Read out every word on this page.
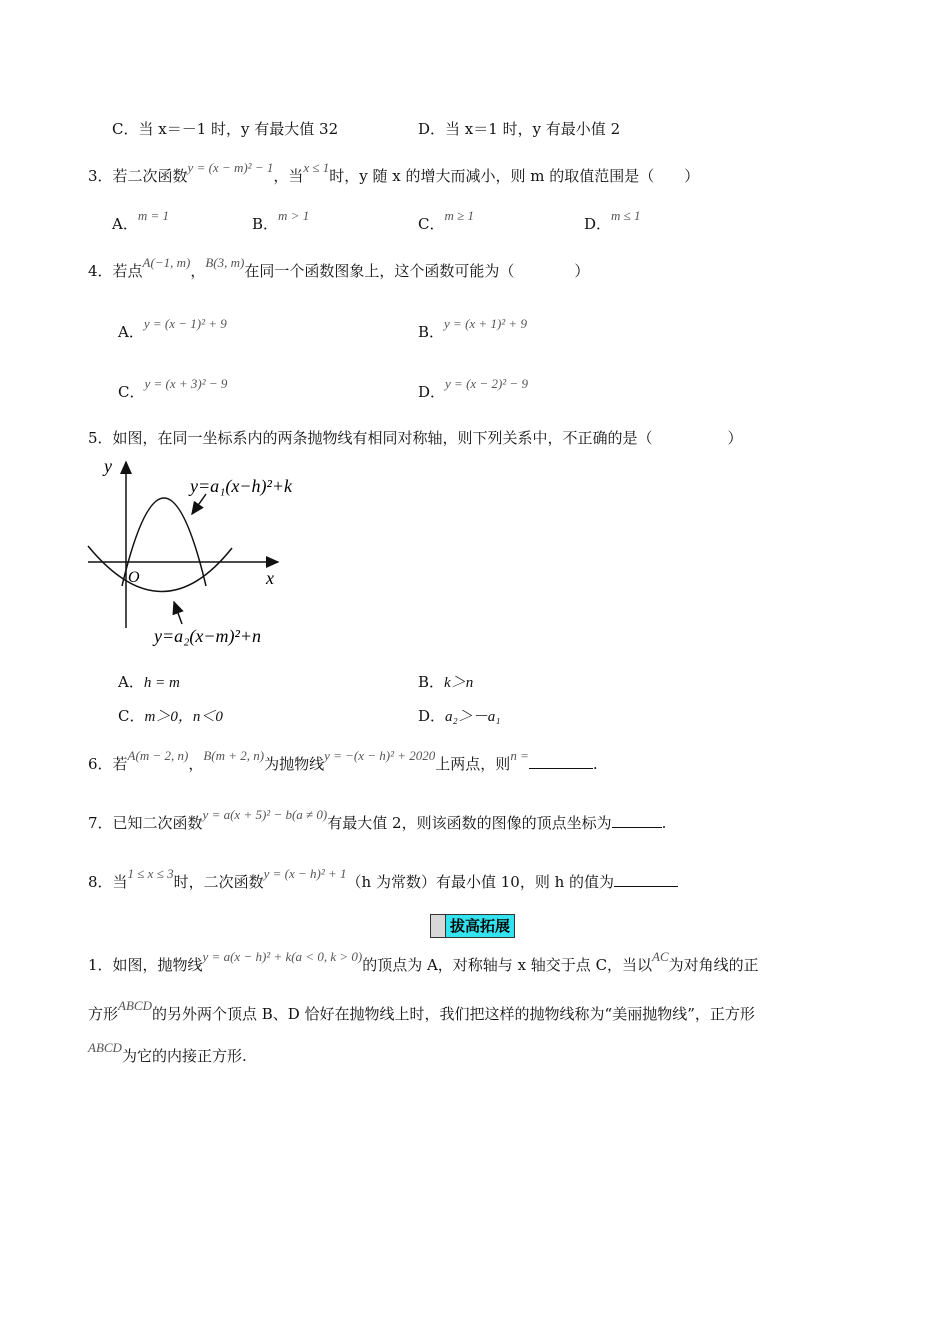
C．当 x＝－1 时，y 有最大值 32	D．当 x＝1 时，y 有最小值 2
3．若二次函数y = (x − m)² − 1，当x ≤ 1时，y 随 x 的增大而减小，则 m 的取值范围是（　　）
A．m = 1	B．m > 1	C．m ≥ 1	D．m ≤ 1
4．若点A(−1, m)，B(3, m)在同一个函数图象上，这个函数可能为（　　　　）
A．y = (x − 1)² + 9	B．y = (x + 1)² + 9
C．y = (x + 3)² − 9	D．y = (x − 2)² − 9
5．如图，在同一坐标系内的两条抛物线有相同对称轴，则下列关系中，不正确的是（　　　　　）
y
x
O
y=a₁(x−h)²+k
y=a₂(x−m)²+n
A．h = m	B．k＞n
C．m＞0，n＜0	D．a₂＞－a₁
6．若A(m − 2, n)，B(m + 2, n)为抛物线y = −(x − h)² + 2020上两点，则n =	.
7．已知二次函数y = a(x + 5)² − b(a ≠ 0)有最大值 2，则该函数的图像的顶点坐标为	.
8．当1 ≤ x ≤ 3时，二次函数y = (x − h)² + 1（h 为常数）有最小值 10，则 h 的值为
拔高拓展
1．如图，抛物线y = a(x − h)² + k(a < 0, k > 0)的顶点为 A，对称轴与 x 轴交于点 C，当以AC为对角线的正
方形ABCD的另外两个顶点 B、D 恰好在抛物线上时，我们把这样的抛物线称为“美丽抛物线”，正方形
ABCD为它的内接正方形.
